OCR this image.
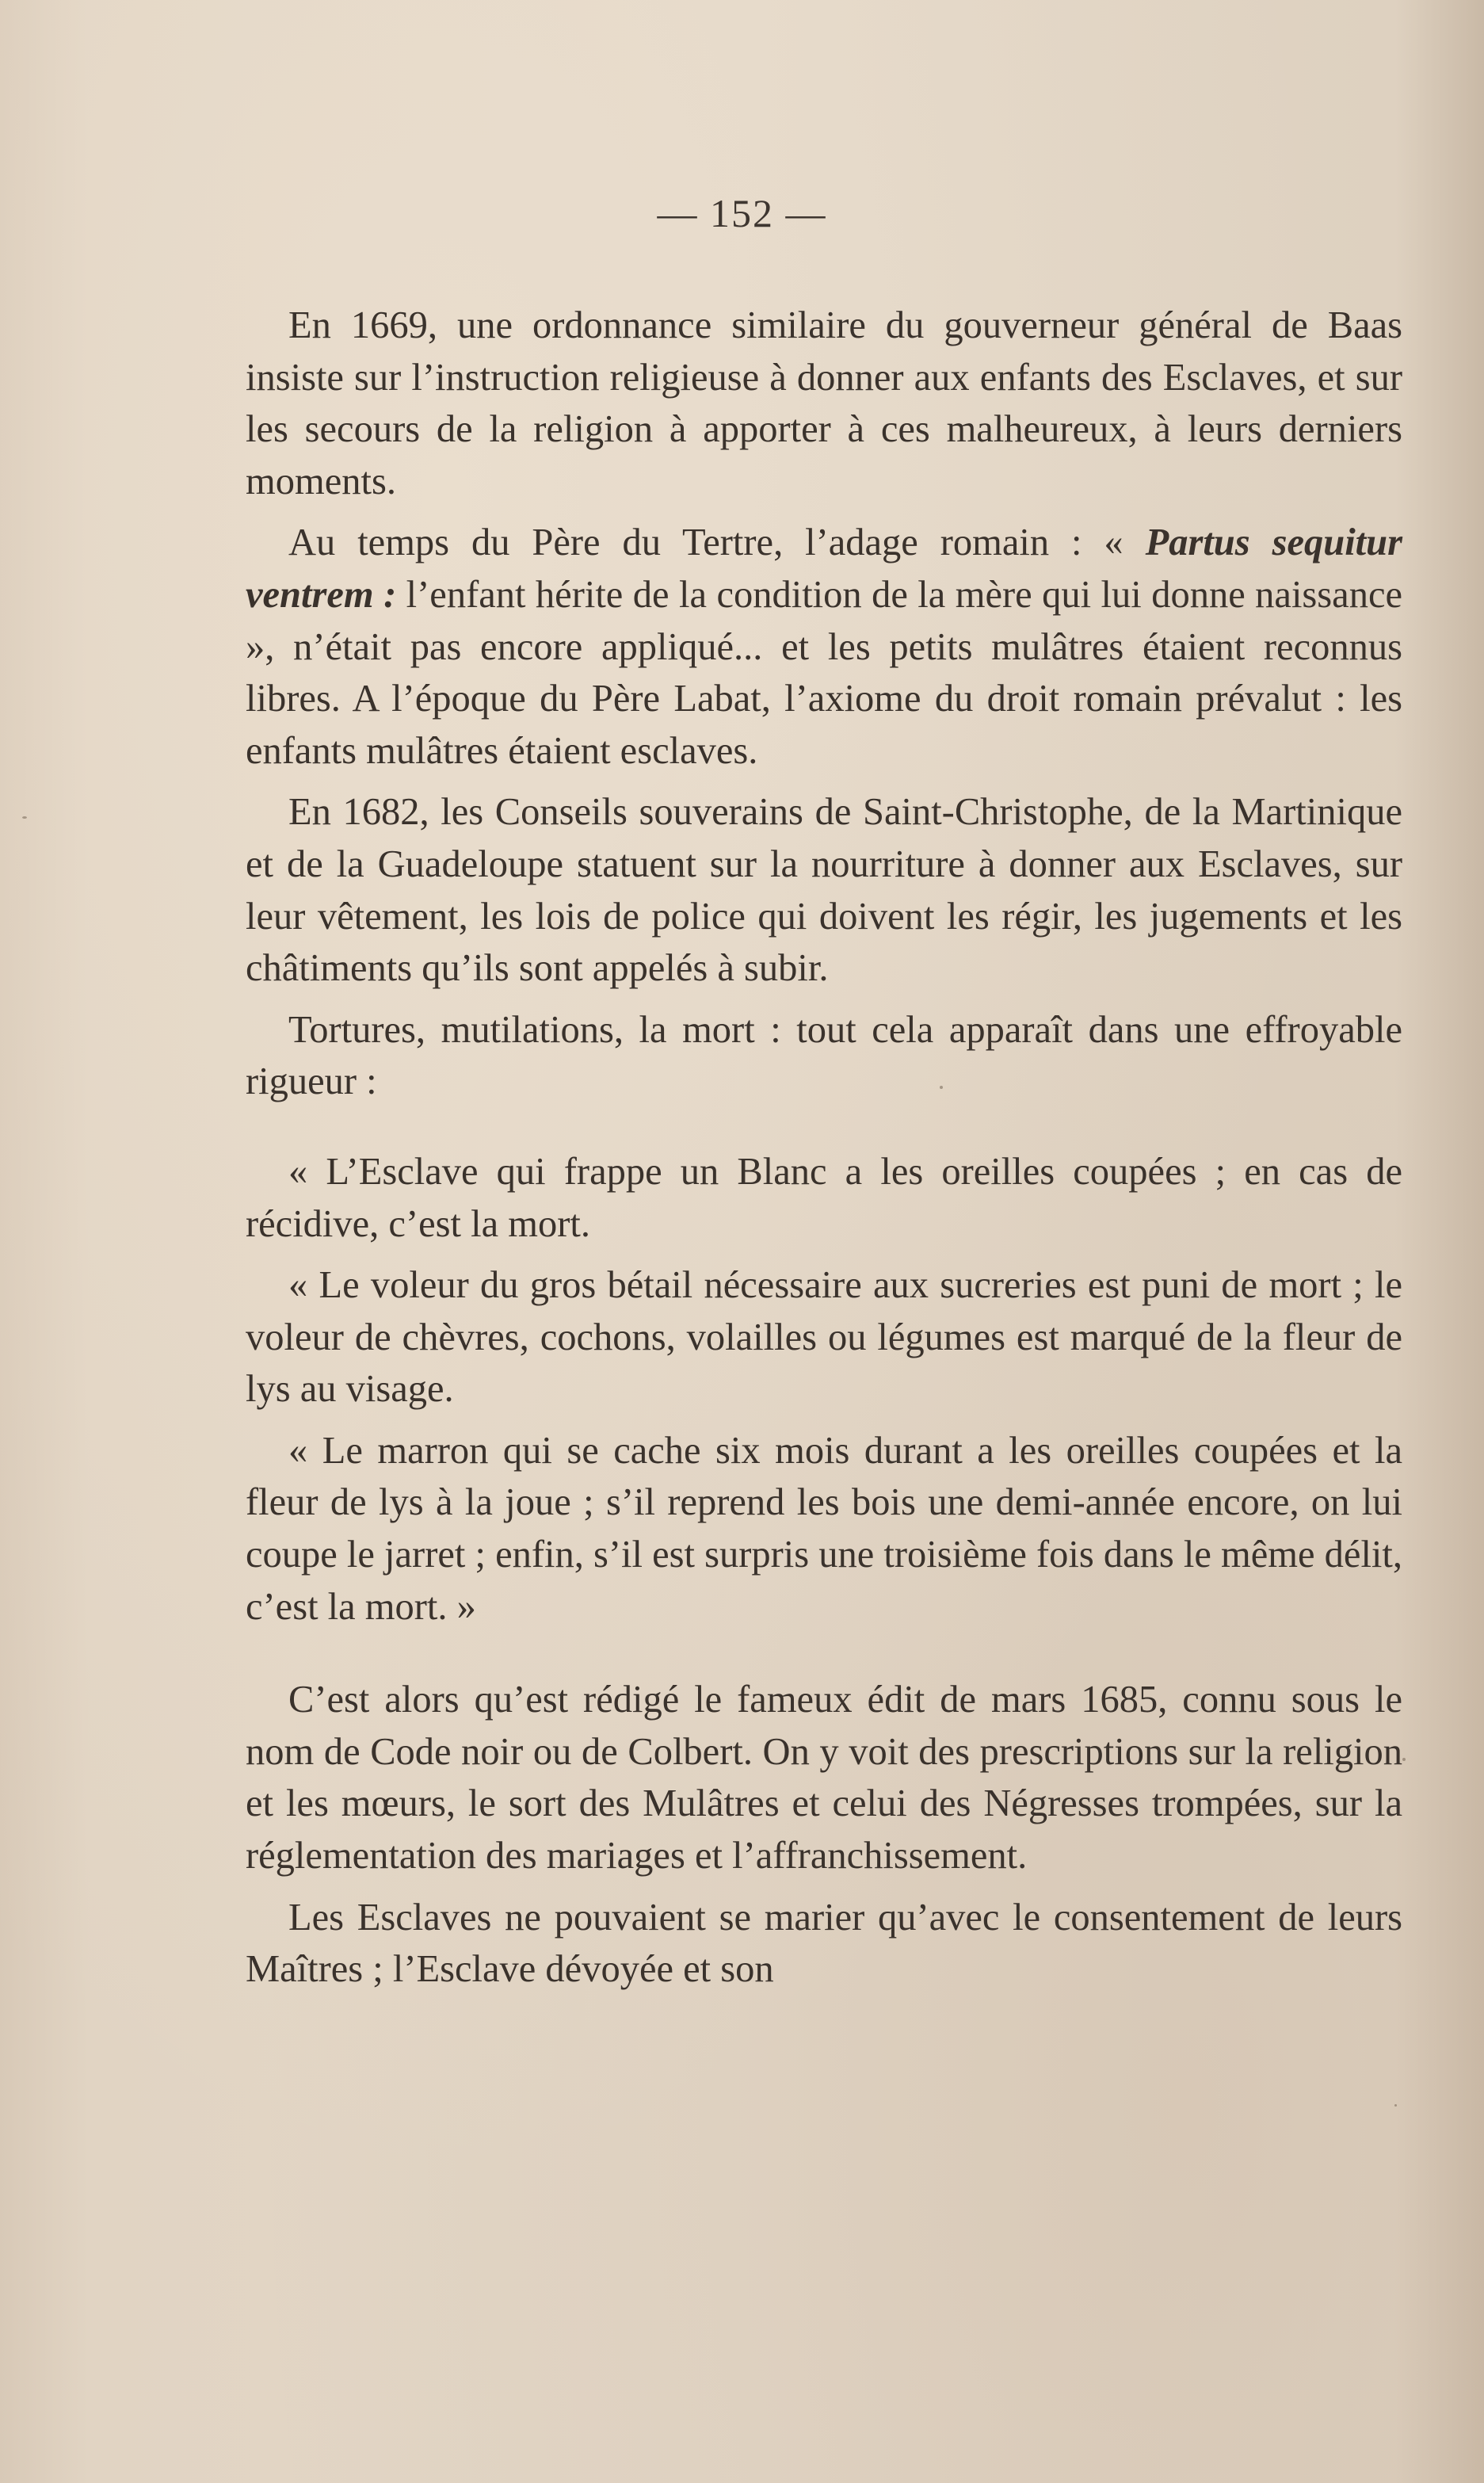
— 152 —

En 1669, une ordonnance similaire du gouverneur général de Baas insiste sur l’instruction religieuse à donner aux enfants des Esclaves, et sur les secours de la religion à apporter à ces malheureux, à leurs derniers moments.

Au temps du Père du Tertre, l’adage romain : « Partus sequitur ventrem : l’enfant hérite de la condition de la mère qui lui donne naissance », n’était pas encore appliqué... et les petits mulâtres étaient reconnus libres. A l’époque du Père Labat, l’axiome du droit romain prévalut : les enfants mulâtres étaient esclaves.

En 1682, les Conseils souverains de Saint-Christophe, de la Martinique et de la Guadeloupe statuent sur la nourriture à donner aux Esclaves, sur leur vêtement, les lois de police qui doivent les régir, les jugements et les châtiments qu’ils sont appelés à subir.

Tortures, mutilations, la mort : tout cela apparaît dans une effroyable rigueur :

« L’Esclave qui frappe un Blanc a les oreilles coupées ; en cas de récidive, c’est la mort.

« Le voleur du gros bétail nécessaire aux sucreries est puni de mort ; le voleur de chèvres, cochons, volailles ou légumes est marqué de la fleur de lys au visage.

« Le marron qui se cache six mois durant a les oreilles coupées et la fleur de lys à la joue ; s’il reprend les bois une demi-année encore, on lui coupe le jarret ; enfin, s’il est surpris une troisième fois dans le même délit, c’est la mort. »

C’est alors qu’est rédigé le fameux édit de mars 1685, connu sous le nom de Code noir ou de Colbert. On y voit des prescriptions sur la religion et les mœurs, le sort des Mulâtres et celui des Négresses trompées, sur la réglementation des mariages et l’affranchissement.

Les Esclaves ne pouvaient se marier qu’avec le consentement de leurs Maîtres ; l’Esclave dévoyée et son
